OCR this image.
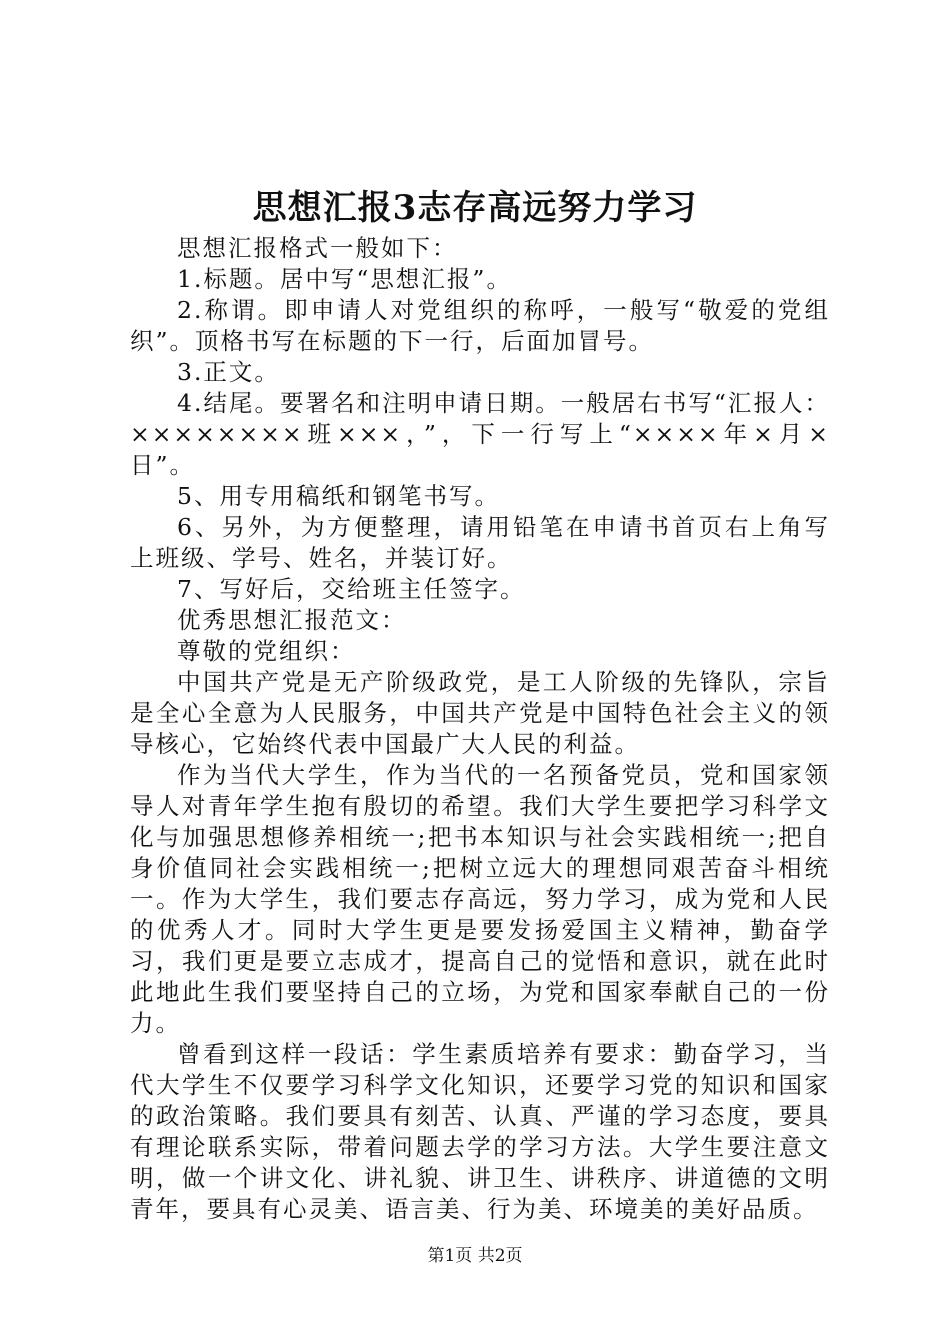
思想汇报3志存高远努力学习

思想汇报格式一般如下：

1.标题。居中写“思想汇报”。

2.称谓。即申请人对党组织的称呼，一般写“敬爱的党组织”。顶格书写在标题的下一行，后面加冒号。

3.正文。

4.结尾。要署名和注明申请日期。一般居右书写“汇报人：××××××××班×××，”，下一行写上“××××年×月×日”。

5、用专用稿纸和钢笔书写。

6、另外，为方便整理，请用铅笔在申请书首页右上角写上班级、学号、姓名，并装订好。

7、写好后，交给班主任签字。

优秀思想汇报范文：

尊敬的党组织：

中国共产党是无产阶级政党，是工人阶级的先锋队，宗旨是全心全意为人民服务，中国共产党是中国特色社会主义的领导核心，它始终代表中国最广大人民的利益。

作为当代大学生，作为当代的一名预备党员，党和国家领导人对青年学生抱有殷切的希望。我们大学生要把学习科学文化与加强思想修养相统一;把书本知识与社会实践相统一;把自身价值同社会实践相统一;把树立远大的理想同艰苦奋斗相统一。作为大学生，我们要志存高远，努力学习，成为党和人民的优秀人才。同时大学生更是要发扬爱国主义精神，勤奋学习，我们更是要立志成才，提高自己的觉悟和意识，就在此时此地此生我们要坚持自己的立场，为党和国家奉献自己的一份力。

曾看到这样一段话：学生素质培养有要求：勤奋学习，当代大学生不仅要学习科学文化知识，还要学习党的知识和国家的政治策略。我们要具有刻苦、认真、严谨的学习态度，要具有理论联系实际，带着问题去学的学习方法。大学生要注意文明，做一个讲文化、讲礼貌、讲卫生、讲秩序、讲道德的文明青年，要具有心灵美、语言美、行为美、环境美的美好品质。

第1页 共2页
